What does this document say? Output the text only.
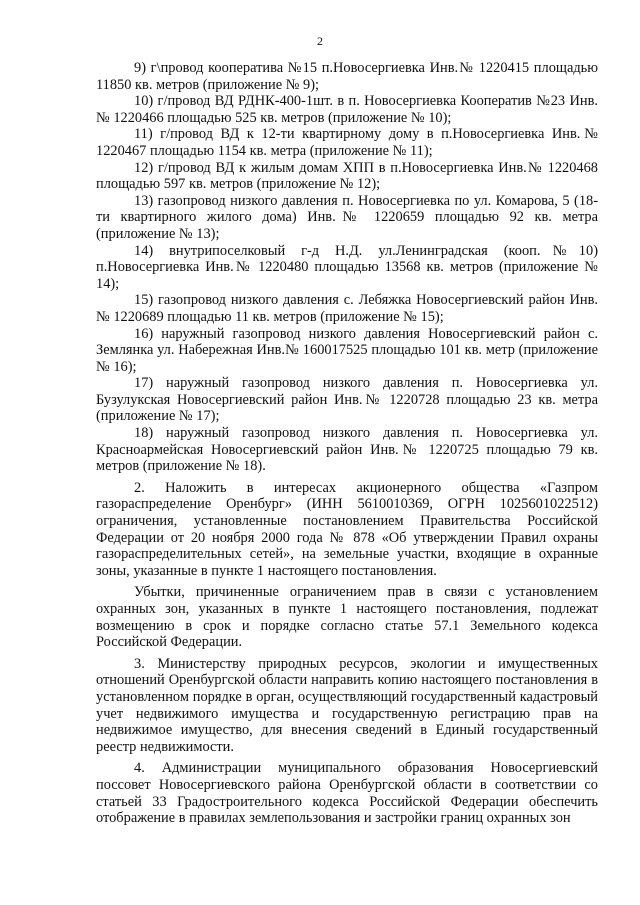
2

9) г\провод кооператива №15 п.Новосергиевка Инв.№ 1220415 площадью 11850 кв. метров (приложение № 9);

10) г/провод ВД РДНК-400-1шт. в п. Новосергиевка Кооператив №23 Инв.№ 1220466 площадью 525 кв. метров (приложение № 10);

11) г/провод ВД к 12-ти квартирному дому в п.Новосергиевка Инв.№ 1220467 площадью 1154 кв. метра (приложение № 11);

12) г/провод ВД к жилым домам ХПП в п.Новосергиевка Инв.№ 1220468 площадью 597 кв. метров (приложение № 12);

13) газопровод низкого давления п. Новосергиевка по ул. Комарова, 5 (18-ти квартирного жилого дома) Инв.№ 1220659 площадью 92 кв. метра (приложение № 13);

14) внутрипоселковый г-д Н.Д. ул.Ленинградская (кооп.№10) п.Новосергиевка Инв.№ 1220480 площадью 13568 кв. метров (приложение № 14);

15) газопровод низкого давления с. Лебяжка Новосергиевский район Инв.№ 1220689 площадью 11 кв. метров (приложение № 15);

16) наружный газопровод низкого давления Новосергиевский район с. Землянка ул. Набережная Инв.№ 160017525 площадью 101 кв. метр (приложение № 16);

17) наружный газопровод низкого давления п. Новосергиевка ул. Бузулукская Новосергиевский район Инв.№ 1220728 площадью 23 кв. метра (приложение № 17);

18) наружный газопровод низкого давления п. Новосергиевка ул. Красноармейская Новосергиевский район Инв.№ 1220725 площадью 79 кв. метров (приложение № 18).

2. Наложить в интересах акционерного общества «Газпром газораспределение Оренбург» (ИНН 5610010369, ОГРН 1025601022512) ограничения, установленные постановлением Правительства Российской Федерации от 20 ноября 2000 года № 878 «Об утверждении Правил охраны газораспределительных сетей», на земельные участки, входящие в охранные зоны, указанные в пункте 1 настоящего постановления.

Убытки, причиненные ограничением прав в связи с установлением охранных зон, указанных в пункте 1 настоящего постановления, подлежат возмещению в срок и порядке согласно статье 57.1 Земельного кодекса Российской Федерации.

3. Министерству природных ресурсов, экологии и имущественных отношений Оренбургской области направить копию настоящего постановления в установленном порядке в орган, осуществляющий государственный кадастровый учет недвижимого имущества и государственную регистрацию прав на недвижимое имущество, для внесения сведений в Единый государственный реестр недвижимости.

4. Администрации муниципального образования Новосергиевский поссовет Новосергиевского района Оренбургской области в соответствии со статьей 33 Градостроительного кодекса Российской Федерации обеспечить отображение в правилах землепользования и застройки границ охранных зон
